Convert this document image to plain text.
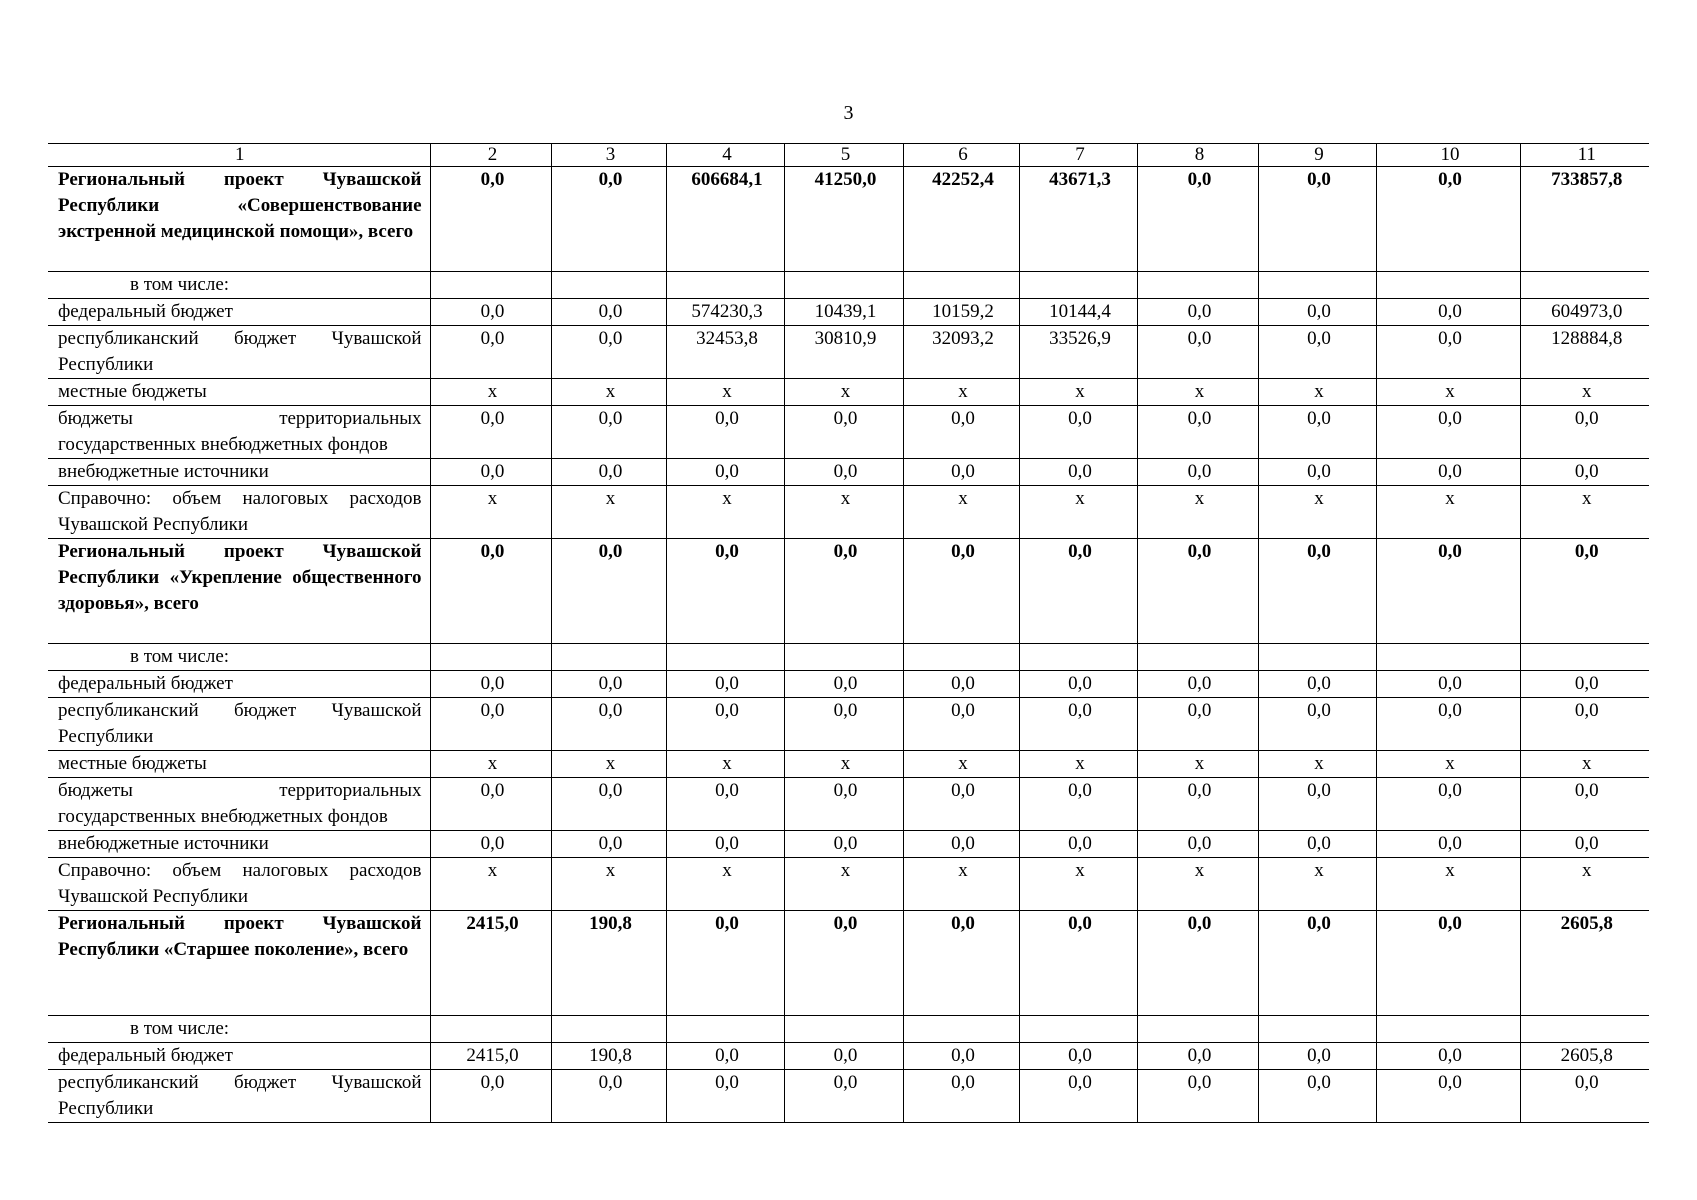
3
1	2	3	4	5	6	7	8	9	10	11
Региональный проект Чувашской Республики «Совершенствование экстренной медицинской помощи», всего	0,0	0,0	606684,1	41250,0	42252,4	43671,3	0,0	0,0	0,0	733857,8
в том числе:										
федеральный бюджет	0,0	0,0	574230,3	10439,1	10159,2	10144,4	0,0	0,0	0,0	604973,0
республиканский бюджет Чувашской Республики	0,0	0,0	32453,8	30810,9	32093,2	33526,9	0,0	0,0	0,0	128884,8
местные бюджеты	x	x	x	x	x	x	x	x	x	x
бюджеты территориальных государственных внебюджетных фондов	0,0	0,0	0,0	0,0	0,0	0,0	0,0	0,0	0,0	0,0
внебюджетные источники	0,0	0,0	0,0	0,0	0,0	0,0	0,0	0,0	0,0	0,0
Справочно: объем налоговых расходов Чувашской Республики	x	x	x	x	x	x	x	x	x	x
Региональный проект Чувашской Республики «Укрепление общественного здоровья», всего	0,0	0,0	0,0	0,0	0,0	0,0	0,0	0,0	0,0	0,0
в том числе:										
федеральный бюджет	0,0	0,0	0,0	0,0	0,0	0,0	0,0	0,0	0,0	0,0
республиканский бюджет Чувашской Республики	0,0	0,0	0,0	0,0	0,0	0,0	0,0	0,0	0,0	0,0
местные бюджеты	x	x	x	x	x	x	x	x	x	x
бюджеты территориальных государственных внебюджетных фондов	0,0	0,0	0,0	0,0	0,0	0,0	0,0	0,0	0,0	0,0
внебюджетные источники	0,0	0,0	0,0	0,0	0,0	0,0	0,0	0,0	0,0	0,0
Справочно: объем налоговых расходов Чувашской Республики	x	x	x	x	x	x	x	x	x	x
Региональный проект Чувашской Республики «Старшее поколение», всего	2415,0	190,8	0,0	0,0	0,0	0,0	0,0	0,0	0,0	2605,8
в том числе:										
федеральный бюджет	2415,0	190,8	0,0	0,0	0,0	0,0	0,0	0,0	0,0	2605,8
республиканский бюджет Чувашской Республики	0,0	0,0	0,0	0,0	0,0	0,0	0,0	0,0	0,0	0,0
